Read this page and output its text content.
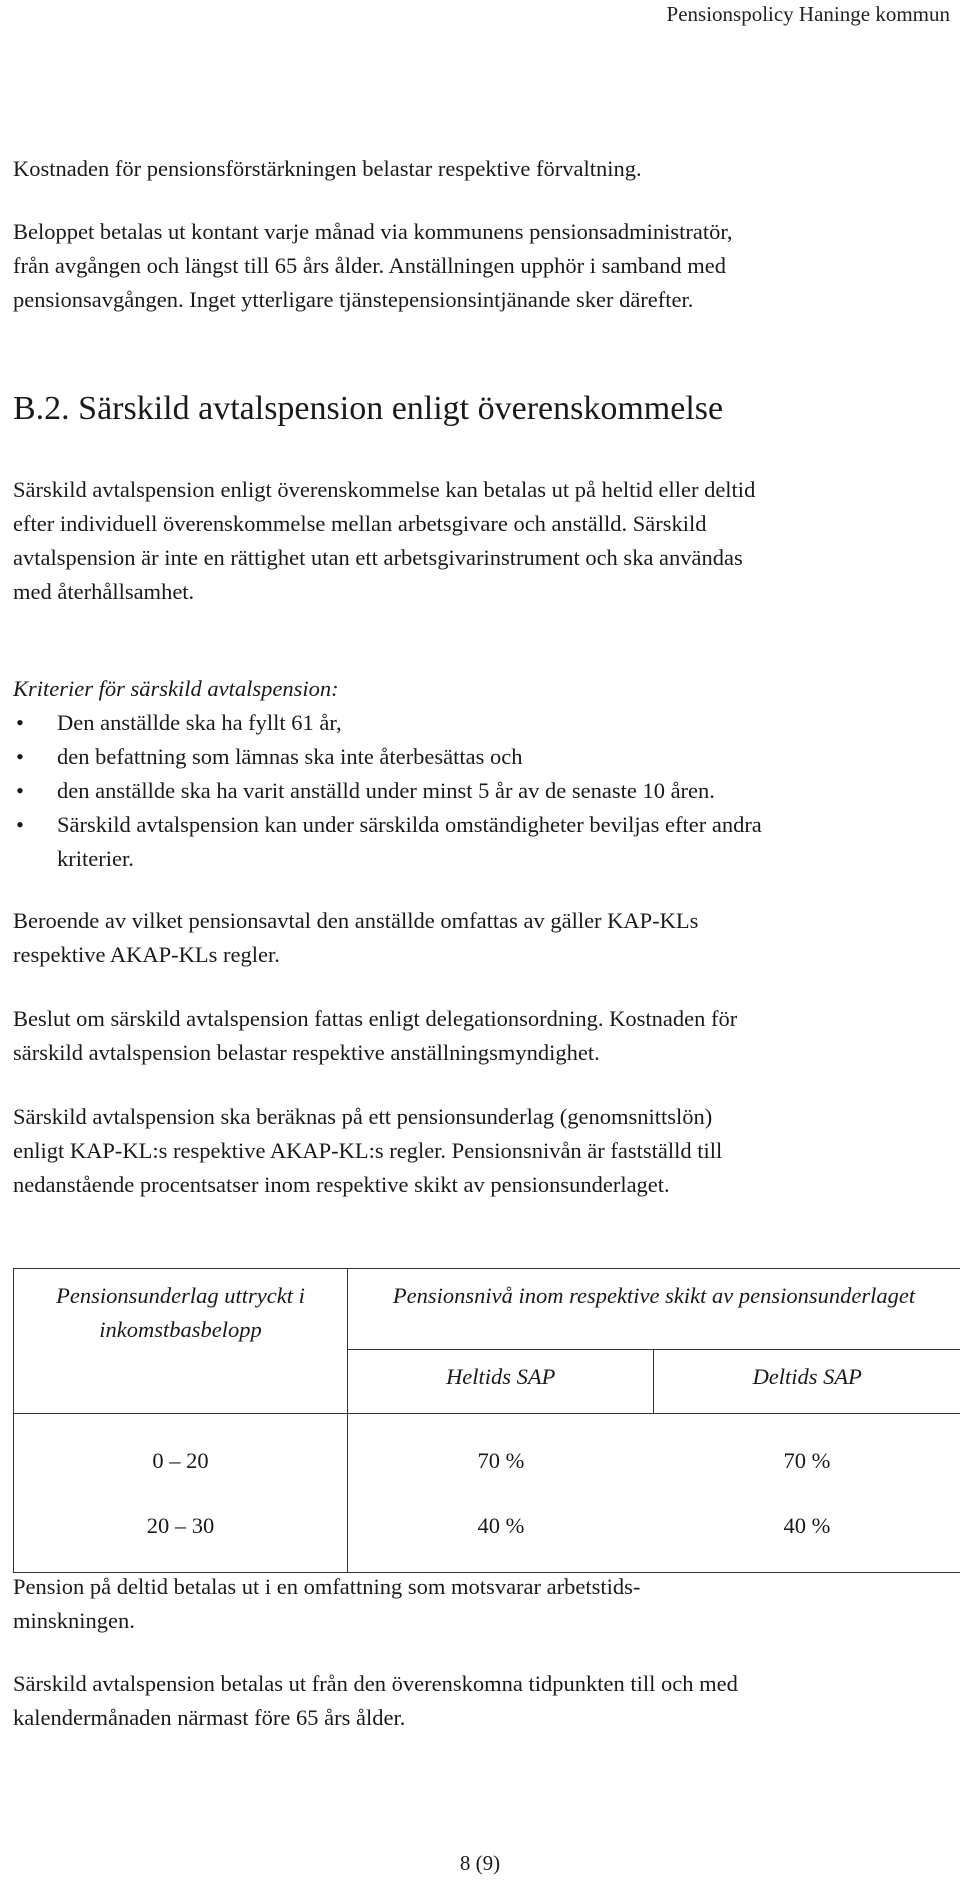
Pensionspolicy Haninge kommun

Kostnaden för pensionsförstärkningen belastar respektive förvaltning.

Beloppet betalas ut kontant varje månad via kommunens pensionsadministratör,
från avgången och längst till 65 års ålder. Anställningen upphör i samband med
pensionsavgången. Inget ytterligare tjänstepensionsintjänande sker därefter.

B.2. Särskild avtalspension enligt överenskommelse

Särskild avtalspension enligt överenskommelse kan betalas ut på heltid eller deltid
efter individuell överenskommelse mellan arbetsgivare och anställd. Särskild
avtalspension är inte en rättighet utan ett arbetsgivarinstrument och ska användas
med återhållsamhet.

Kriterier för särskild avtalspension:
• Den anställde ska ha fyllt 61 år,
• den befattning som lämnas ska inte återbesättas och
• den anställde ska ha varit anställd under minst 5 år av de senaste 10 åren.
• Särskild avtalspension kan under särskilda omständigheter beviljas efter andra
kriterier.

Beroende av vilket pensionsavtal den anställde omfattas av gäller KAP-KLs
respektive AKAP-KLs regler.

Beslut om särskild avtalspension fattas enligt delegationsordning. Kostnaden för
särskild avtalspension belastar respektive anställningsmyndighet.

Särskild avtalspension ska beräknas på ett pensionsunderlag (genomsnittslön)
enligt KAP-KL:s respektive AKAP-KL:s regler. Pensionsnivån är fastställd till
nedanstående procentsatser inom respektive skikt av pensionsunderlaget.

Pensionsunderlag uttryckt i
inkomstbasbelopp	Pensionsnivå inom respektive skikt av pensionsunderlaget	
	Heltids SAP	Deltids SAP
0 – 20	70 %	70 %
20 – 30	40 %	40 %

Pension på deltid betalas ut i en omfattning som motsvarar arbetstids-
minskningen.

Särskild avtalspension betalas ut från den överenskomna tidpunkten till och med
kalendermånaden närmast före 65 års ålder.

8 (9)
